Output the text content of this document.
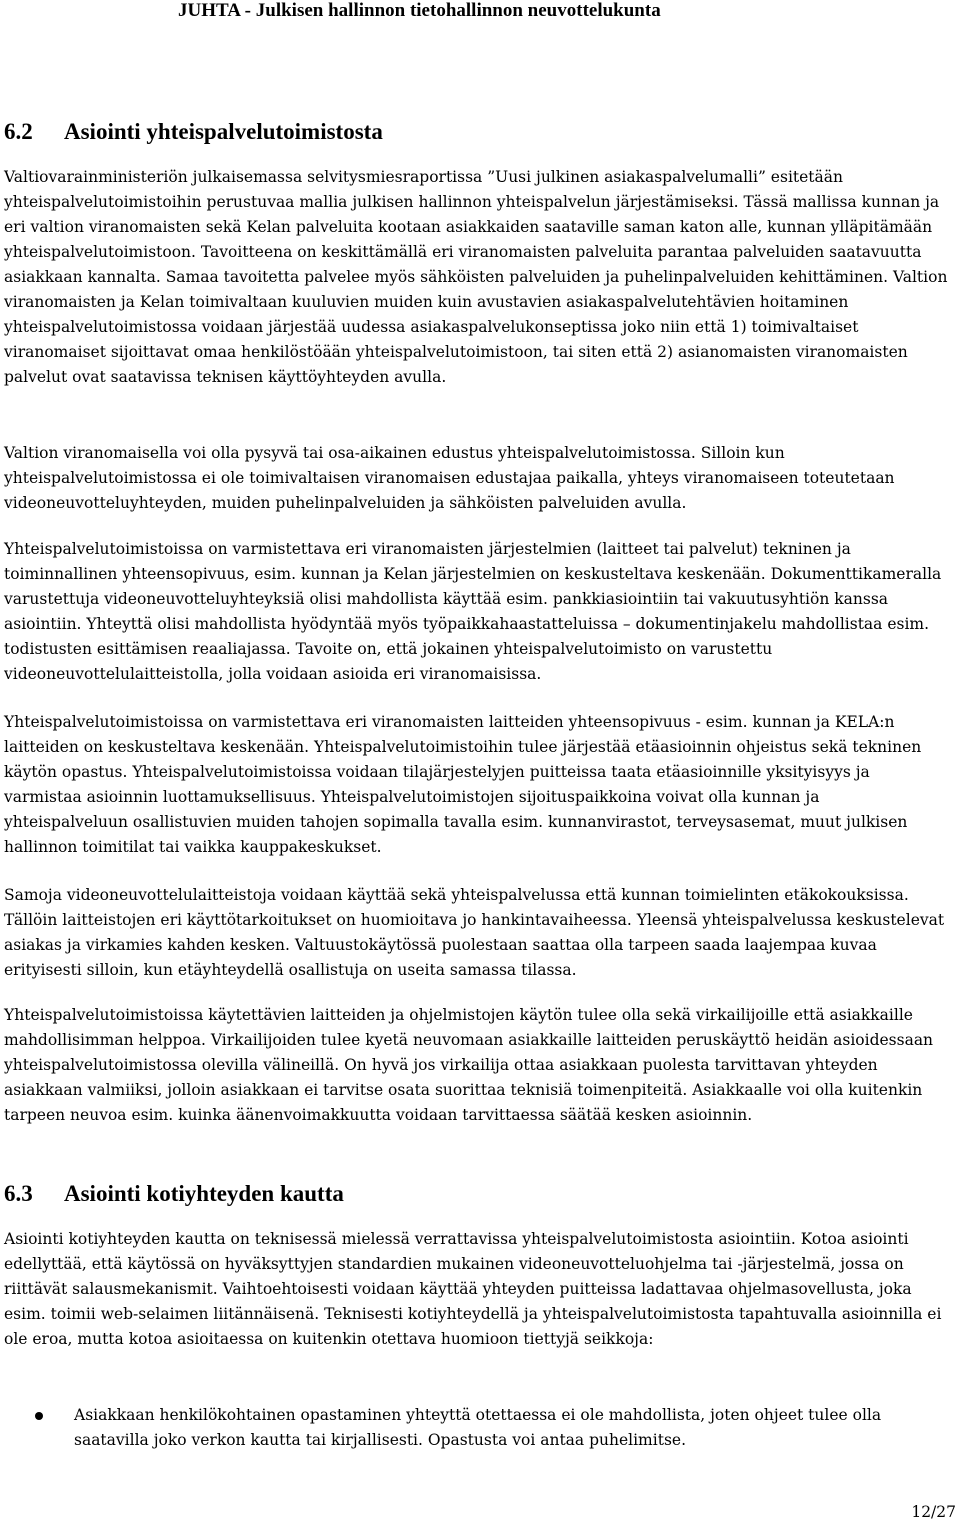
JUHTA - Julkisen hallinnon tietohallinnon neuvottelukunta
6.2 Asiointi yhteispalvelutoimistosta

Valtiovarainministeriön julkaisemassa selvitysmiesraportissa ”Uusi julkinen asiakaspalvelumalli” esitetään yhteispalvelutoimistoihin perustuvaa mallia julkisen hallinnon yhteispalvelun järjestämiseksi. Tässä mallissa kunnan ja eri valtion viranomaisten sekä Kelan palveluita kootaan asiakkaiden saataville saman katon alle, kunnan ylläpitämään yhteispalvelutoimistoon. Tavoitteena on keskittämällä eri viranomaisten palveluita parantaa palveluiden saatavuutta asiakkaan kannalta. Samaa tavoitetta palvelee myös sähköisten palveluiden ja puhelinpalveluiden kehittäminen. Valtion viranomaisten ja Kelan toimivaltaan kuuluvien muiden kuin avustavien asiakaspalvelutehtävien hoitaminen yhteispalvelutoimistossa voidaan järjestää uudessa asiakaspalvelukonseptissa joko niin että 1) toimivaltaiset viranomaiset sijoittavat omaa henkilöstöään yhteispalvelutoimistoon, tai siten että 2) asianomaisten viranomaisten palvelut ovat saatavissa teknisen käyttöyhteyden avulla.

Valtion viranomaisella voi olla pysyvä tai osa-aikainen edustus yhteispalvelutoimistossa. Silloin kun yhteispalvelutoimistossa ei ole toimivaltaisen viranomaisen edustajaa paikalla, yhteys viranomaiseen toteutetaan videoneuvotteluyhteyden, muiden puhelinpalveluiden ja sähköisten palveluiden avulla.

Yhteispalvelutoimistoissa on varmistettava eri viranomaisten järjestelmien (laitteet tai palvelut) tekninen ja toiminnallinen yhteensopivuus, esim. kunnan ja Kelan järjestelmien on keskusteltava keskenään. Dokumenttikameralla varustettuja videoneuvotteluyhteyksiä olisi mahdollista käyttää esim. pankkiasiointiin tai vakuutusyhtiön kanssa asiointiin. Yhteyttä olisi mahdollista hyödyntää myös työpaikkahaastatteluissa – dokumentinjakelu mahdollistaa esim. todistusten esittämisen reaaliajassa. Tavoite on, että jokainen yhteispalvelutoimisto on varustettu videoneuvottelulaitteistolla, jolla voidaan asioida eri viranomaisissa.

Yhteispalvelutoimistoissa on varmistettava eri viranomaisten laitteiden yhteensopivuus - esim. kunnan ja KELA:n laitteiden on keskusteltava keskenään. Yhteispalvelutoimistoihin tulee järjestää etäasioinnin ohjeistus sekä tekninen käytön opastus. Yhteispalvelutoimistoissa voidaan tilajärjestelyjen puitteissa taata etäasioinnille yksityisyys ja varmistaa asioinnin luottamuksellisuus. Yhteispalvelutoimistojen sijoituspaikkoina voivat olla kunnan ja yhteispalveluun osallistuvien muiden tahojen sopimalla tavalla esim. kunnanvirastot, terveysasemat, muut julkisen hallinnon toimitilat tai vaikka kauppakeskukset.

Samoja videoneuvottelulaitteistoja voidaan käyttää sekä yhteispalvelussa että kunnan toimielinten etäkokouksissa. Tällöin laitteistojen eri käyttötarkoitukset on huomioitava jo hankintavaiheessa. Yleensä yhteispalvelussa keskustelevat asiakas ja virkamies kahden kesken. Valtuustokäytössä puolestaan saattaa olla tarpeen saada laajempaa kuvaa erityisesti silloin, kun etäyhteydellä osallistuja on useita samassa tilassa.

Yhteispalvelutoimistoissa käytettävien laitteiden ja ohjelmistojen käytön tulee olla sekä virkailijoille että asiakkaille mahdollisimman helppoa. Virkailijoiden tulee kyetä neuvomaan asiakkaille laitteiden peruskäyttö heidän asioidessaan yhteispalvelutoimistossa olevilla välineillä. On hyvä jos virkailija ottaa asiakkaan puolesta tarvittavan yhteyden asiakkaan valmiiksi, jolloin asiakkaan ei tarvitse osata suorittaa teknisiä toimenpiteitä. Asiakkaalle voi olla kuitenkin tarpeen neuvoa esim. kuinka äänenvoimakkuutta voidaan tarvittaessa säätää kesken asioinnin.

6.3 Asiointi kotiyhteyden kautta

Asiointi kotiyhteyden kautta on teknisessä mielessä verrattavissa yhteispalvelutoimistosta asiointiin. Kotoa asiointi edellyttää, että käytössä on hyväksyttyjen standardien mukainen videoneuvotteluohjelma tai -järjestelmä, jossa on riittävät salausmekanismit. Vaihtoehtoisesti voidaan käyttää yhteyden puitteissa ladattavaa ohjelmasovellusta, joka esim. toimii web-selaimen liitännäisenä. Teknisesti kotiyhteydellä ja yhteispalvelutoimistosta tapahtuvalla asioinnilla ei ole eroa, mutta kotoa asioitaessa on kuitenkin otettava huomioon tiettyjä seikkoja:

Asiakkaan henkilökohtainen opastaminen yhteyttä otettaessa ei ole mahdollista, joten ohjeet tulee olla saatavilla joko verkon kautta tai kirjallisesti. Opastusta voi antaa puhelimitse.
12/27
